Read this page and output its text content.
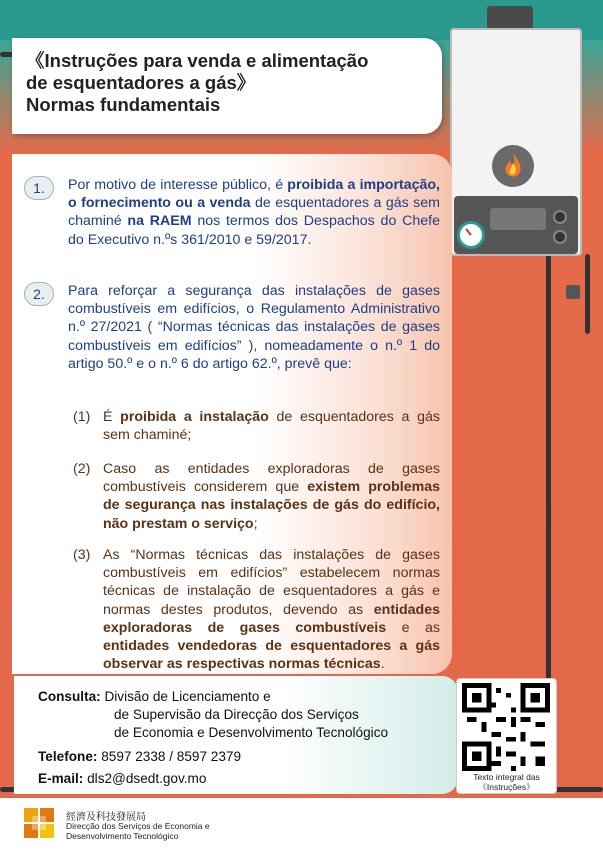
《Instruções para venda e alimentação
de esquentadores a gás》
Normas fundamentais
1.	Por motivo de interesse público, é proibida a importação, o fornecimento ou a venda de esquentadores a gás sem chaminé na RAEM nos termos dos Despachos do Chefe do Executivo n.ºs 361/2010 e 59/2017.
2.	Para reforçar a segurança das instalações de gases combustíveis em edifícios, o Regulamento Administrativo n.º 27/2021 ( “Normas técnicas das instalações de gases combustíveis em edifícios” ), nomeadamente o n.º 1 do artigo 50.º e o n.º 6 do artigo 62.º, prevê que:
(1) É proibida a instalação de esquentadores a gás sem chaminé;
(2) Caso as entidades exploradoras de gases combustíveis considerem que existem problemas de segurança nas instalações de gás do edifício, não prestam o serviço;
(3) As “Normas técnicas das instalações de gases combustíveis em edifícios” estabelecem normas técnicas de instalação de esquentadores a gás e normas destes produtos, devendo as entidades exploradoras de gases combustíveis e as entidades vendedoras de esquentadores a gás observar as respectivas normas técnicas.
Consulta: Divisão de Licenciamento e
de Supervisão da Direcção dos Serviços
de Economia e Desenvolvimento Tecnológico
Telefone: 8597 2338 / 8597 2379
E-mail: dls2@dsedt.gov.mo	Texto integral das
《Instruções》
經濟及科技發展局
Direcção dos Serviços de Economia e
Desenvolvimento Tecnológico
